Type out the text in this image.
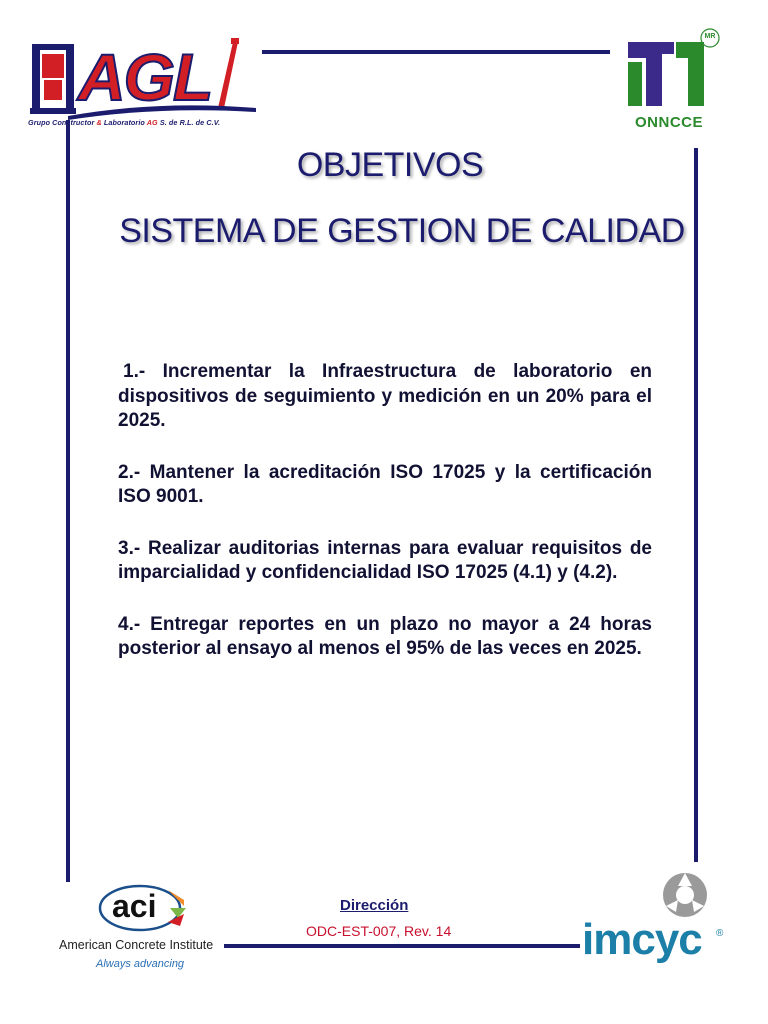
AGL
Grupo Constructor & Laboratorio AG S. de R.L. de C.V.
MR
ONNCCE
OBJETIVOS
SISTEMA DE GESTION DE CALIDAD
1.- Incrementar la Infraestructura de laboratorio en dispositivos de seguimiento y medición en un 20% para el 2025.
2.- Mantener la acreditación ISO 17025 y la certificación ISO 9001.
3.- Realizar auditorias internas para evaluar requisitos de imparcialidad y confidencialidad ISO 17025 (4.1) y (4.2).
4.- Entregar reportes en un plazo no mayor a 24 horas posterior al ensayo al menos el 95% de las veces en 2025.
aci
American Concrete Institute
Always advancing
Dirección
ODC-EST-007, Rev. 14	imcyc ®
